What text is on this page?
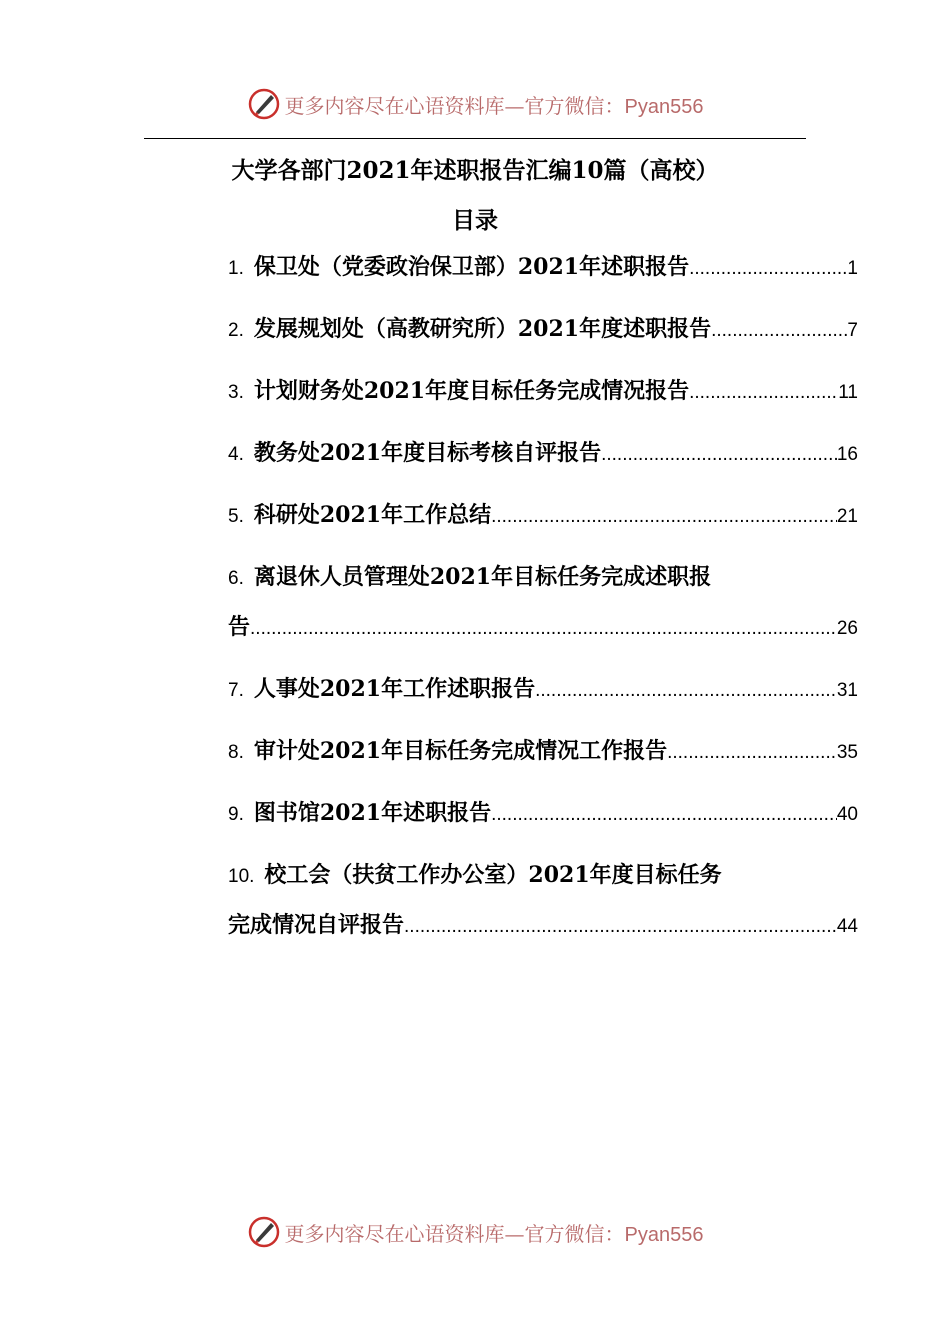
更多内容尽在心语资料库—官方微信：Pyan556
大学各部门2021年述职报告汇编10篇（高校）
目录
1. 保卫处（党委政治保卫部）2021年述职报告 .....	1
2. 发展规划处（高教研究所）2021年度述职报告 .....	7
3. 计划财务处2021年度目标任务完成情况报告 .....	11
4. 教务处2021年度目标考核自评报告 .....	16
5. 科研处2021年工作总结 .....	21
6. 离退休人员管理处2021年目标任务完成述职报
告 .....	26
7. 人事处2021年工作述职报告 .....	31
8. 审计处2021年目标任务完成情况工作报告 .....	35
9. 图书馆2021年述职报告 .....	40
10. 校工会（扶贫工作办公室）2021年度目标任务
完成情况自评报告 .....	44
更多内容尽在心语资料库—官方微信：Pyan556
